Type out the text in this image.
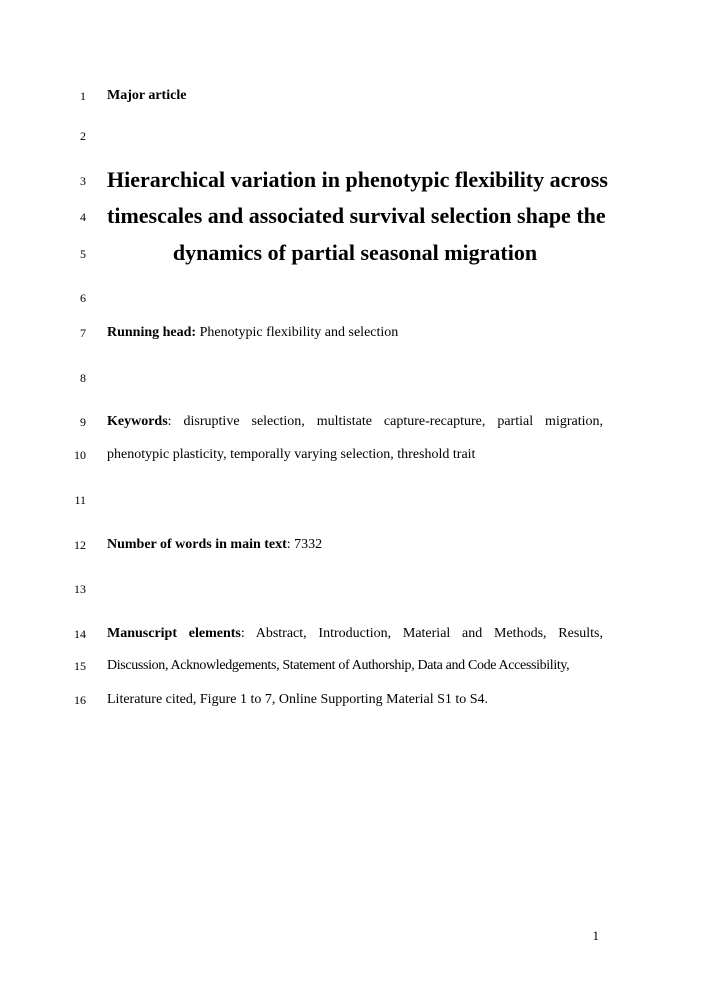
1
2
3
4
5
6
7
8
9
10
11
12
13
14
15
16
Major article
Hierarchical variation in phenotypic flexibility across
timescales and associated survival selection shape the
dynamics of partial seasonal migration
Running head: Phenotypic flexibility and selection
Keywords: disruptive selection, multistate capture-recapture, partial migration,
phenotypic plasticity, temporally varying selection, threshold trait
Number of words in main text: 7332
Manuscript elements: Abstract, Introduction, Material and Methods, Results,
Discussion, Acknowledgements, Statement of Authorship, Data and Code Accessibility,
Literature cited, Figure 1 to 7, Online Supporting Material S1 to S4.
1
